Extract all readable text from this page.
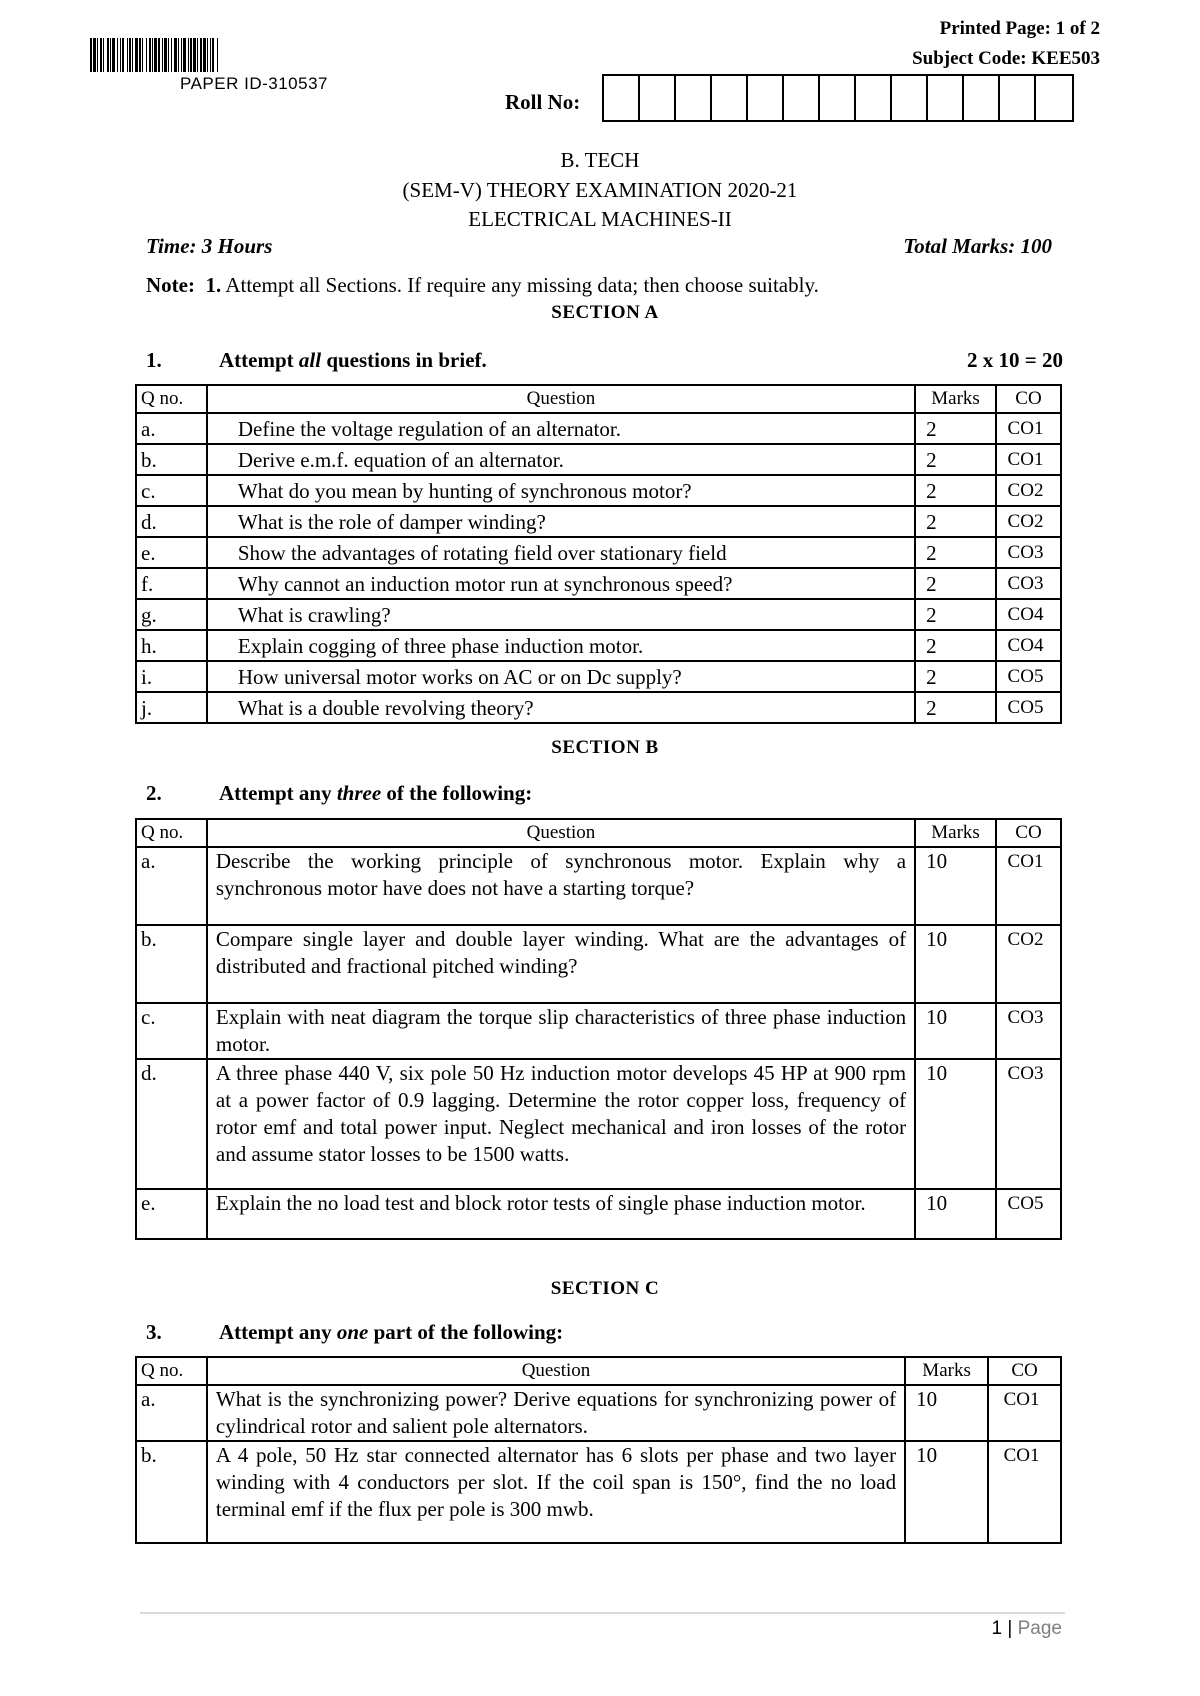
PAPER ID-310537
Printed Page: 1 of 2
Subject Code: KEE503
Roll No:
B. TECH
(SEM-V) THEORY EXAMINATION 2020-21
ELECTRICAL MACHINES-II
Time: 3 Hours	Total Marks: 100
Note: 1. Attempt all Sections. If require any missing data; then choose suitably.
SECTION A
1.	Attempt all questions in brief.	2 x 10 = 20
Q no.	Question	Marks	CO
a.	Define the voltage regulation of an alternator.	2	CO1
b.	Derive e.m.f. equation of an alternator.	2	CO1
c.	What do you mean by hunting of synchronous motor?	2	CO2
d.	What is the role of damper winding?	2	CO2
e.	Show the advantages of rotating field over stationary field	2	CO3
f.	Why cannot an induction motor run at synchronous speed?	2	CO3
g.	What is crawling?	2	CO4
h.	Explain cogging of three phase induction motor.	2	CO4
i.	How universal motor works on AC or on Dc supply?	2	CO5
j.	What is a double revolving theory?	2	CO5
SECTION B
2.	Attempt any three of the following:
Q no.	Question	Marks	CO
a.	Describe the working principle of synchronous motor. Explain why a synchronous motor have does not have a starting torque?	10	CO1
b.	Compare single layer and double layer winding. What are the advantages of distributed and fractional pitched winding?	10	CO2
c.	Explain with neat diagram the torque slip characteristics of three phase induction motor.	10	CO3
d.	A three phase 440 V, six pole 50 Hz induction motor develops 45 HP at 900 rpm at a power factor of 0.9 lagging. Determine the rotor copper loss, frequency of rotor emf and total power input. Neglect mechanical and iron losses of the rotor and assume stator losses to be 1500 watts.	10	CO3
e.	Explain the no load test and block rotor tests of single phase induction motor.	10	CO5
SECTION C
3.	Attempt any one part of the following:
Q no.	Question	Marks	CO
a.	What is the synchronizing power? Derive equations for synchronizing power of cylindrical rotor and salient pole alternators.	10	CO1
b.	A 4 pole, 50 Hz star connected alternator has 6 slots per phase and two layer winding with 4 conductors per slot. If the coil span is 150°, find the no load terminal emf if the flux per pole is 300 mwb.	10	CO1
1 | Page
